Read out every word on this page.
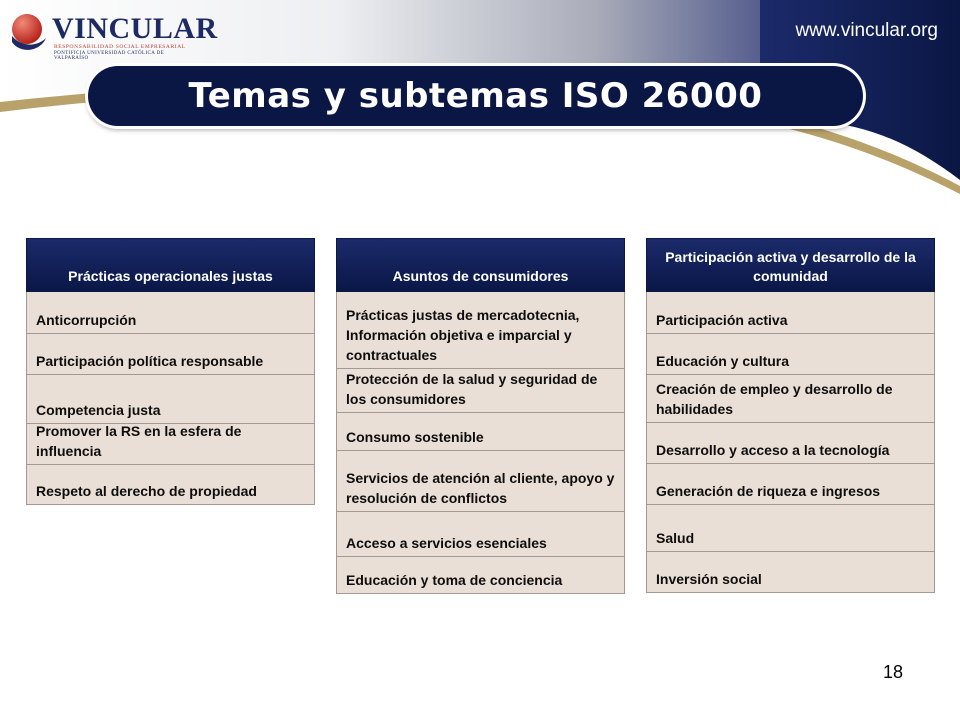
VINCULAR
RESPONSABILIDAD SOCIAL EMPRESARIAL
PONTIFICIA UNIVERSIDAD CATÓLICA DE VALPARAÍSO
www.vincular.org
Temas y subtemas ISO 26000
Prácticas operacionales justas
Anticorrupción
Participación política responsable
Competencia justa
Promover la RS en la esfera de influencia
Respeto al derecho de propiedad
Asuntos de consumidores
Prácticas justas de mercadotecnia, Información objetiva e imparcial y contractuales
Protección de la salud y seguridad de los consumidores
Consumo sostenible
Servicios de atención al cliente, apoyo y resolución de conflictos
Acceso a servicios esenciales
Educación y toma de conciencia
Participación activa y desarrollo de la comunidad
Participación activa
Educación y cultura
Creación de empleo y desarrollo de habilidades
Desarrollo y acceso a la tecnología
Generación de riqueza e ingresos
Salud
Inversión social
18
